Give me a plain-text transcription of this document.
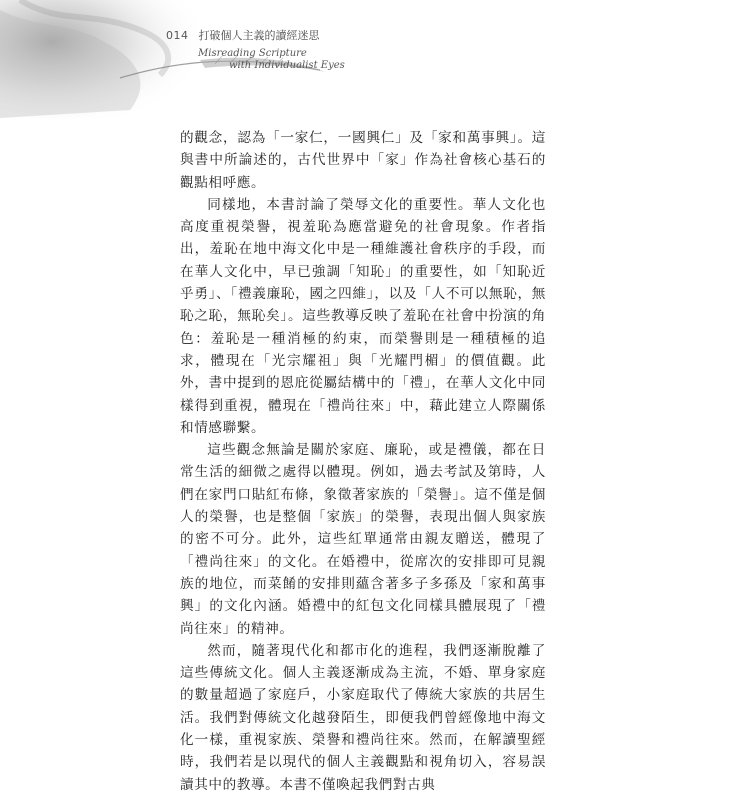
014 打破個人主義的讀經迷思
Misreading Scripture
with Individualist Eyes

的觀念，認為「一家仁，一國興仁」及「家和萬事興」。這與書中所論述的，古代世界中「家」作為社會核心基石的觀點相呼應。

同樣地，本書討論了榮辱文化的重要性。華人文化也高度重視榮譽，視羞恥為應當避免的社會現象。作者指出，羞恥在地中海文化中是一種維護社會秩序的手段，而在華人文化中，早已強調「知恥」的重要性，如「知恥近乎勇」、「禮義廉恥，國之四維」，以及「人不可以無恥，無恥之恥，無恥矣」。這些教導反映了羞恥在社會中扮演的角色：羞恥是一種消極的約束，而榮譽則是一種積極的追求，體現在「光宗耀祖」與「光耀門楣」的價值觀。此外，書中提到的恩庇從屬結構中的「禮」，在華人文化中同樣得到重視，體現在「禮尚往來」中，藉此建立人際關係和情感聯繫。

這些觀念無論是關於家庭、廉恥，或是禮儀，都在日常生活的細微之處得以體現。例如，過去考試及第時，人們在家門口貼紅布條，象徵著家族的「榮譽」。這不僅是個人的榮譽，也是整個「家族」的榮譽，表現出個人與家族的密不可分。此外，這些紅單通常由親友贈送，體現了「禮尚往來」的文化。在婚禮中，從席次的安排即可見親族的地位，而菜餚的安排則蘊含著多子多孫及「家和萬事興」的文化內涵。婚禮中的紅包文化同樣具體展現了「禮尚往來」的精神。

然而，隨著現代化和都市化的進程，我們逐漸脫離了這些傳統文化。個人主義逐漸成為主流，不婚、單身家庭的數量超過了家庭戶，小家庭取代了傳統大家族的共居生活。我們對傳統文化越發陌生，即便我們曾經像地中海文化一樣，重視家族、榮譽和禮尚往來。然而，在解讀聖經時，我們若是以現代的個人主義觀點和視角切入，容易誤讀其中的教導。本書不僅喚起我們對古典
